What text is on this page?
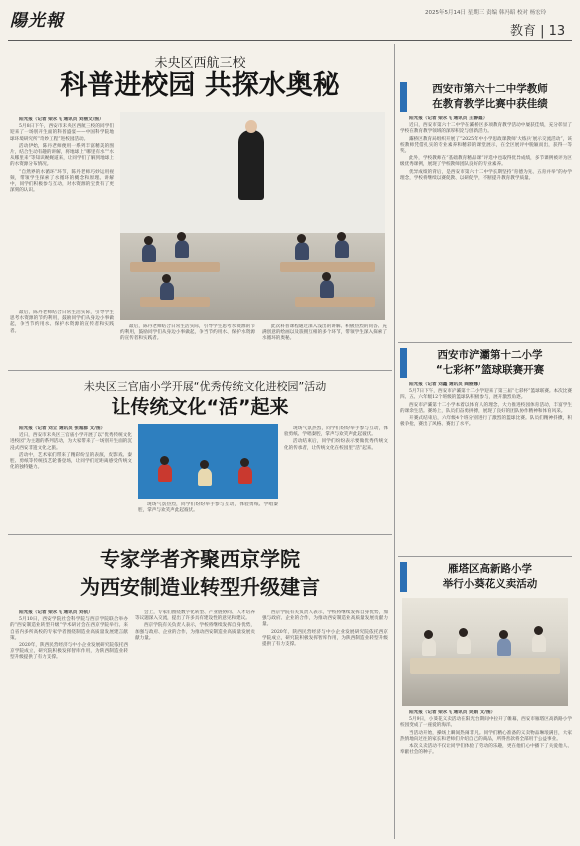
陽光報	2025年5月14日 星期三 责编 韩冯昭 校对 杨宏玲
教育 | 13
未央区西航三校
科普进校园 共探水奥秘

阳光报（记者 梁永飞 通讯员 刘丽文/图）

5月8日下午，西安市未央区西航三校的同学们迎来了一场别开生面的科普盛宴——中国科学院地球环境研究所“奇妙工程”进校园活动。

活动伊始，陈丹老师便用一系列丰富精美的图片，结合生动有趣的讲解，将地球上“哪里有水”“水从哪里来”等知识娓娓道来，让同学们了解到地球上的水资源分布情况。

“自然界的水循环”环节，陈丹老师巧妙运用视频，带领学生探索了水循环的概念和原理。讲解中，同学们积极参与互动，对水资源的宝贵有了更深刻的认识。

最后，陈丹老师结合日常生活实际，引导学生思考水资源的节约利用，鼓励同学们从身边小事做起，争当节约用水、保护水资源的宣传者和实践者。

最后，陈丹老师结合日常生活实际，引导学生思考水资源的节约利用，鼓励同学们从身边小事做起，争当节约用水、保护水资源的宣传者和实践者。

此次科普课程通过深入浅出的讲解、积极热烈的问答、充满创意的绘画以及簇拥互相的多个环节，带领学生深入探索了水循环的奥秘。

未央区三官庙小学开展“优秀传统文化进校园”活动
让传统文化“活”起来

阳光报（记者 刘立 通讯员 张超群 文/图）

近日，西安市未央区三官庙小学开展了以“优秀传统文化进校园”为主题的系列活动，为大家带来了一场别开生面的沉浸式西安非遗文化之旅。

活动中，艺术家们带来了精彩纷呈的表演，皮影戏、秦腔、剪纸等传统技艺轮番登场，让同学们近距离感受传统文化的独特魅力。

现场气氛热烈，同学们纷纷举手参与互动，体验剪纸、学唱秦腔，掌声与欢笑声此起彼伏。

现场气氛热烈，同学们纷纷举手参与互动，体验剪纸、学唱秦腔，掌声与欢笑声此起彼伏。

活动结束后，同学们纷纷表示要做优秀传统文化的传承者，让传统文化在校园里“活”起来。

专家学者齐聚西京学院
为西安制造业转型升级建言

阳光报（记者 梁永飞 通讯员 刘依）

5月10日，西安学院社会科学院与西京学院联合举办的“西安制造业转型升级”学术研讨会在西京学院举行。来自省内多所高校的专家学者围绕制造业高质量发展建言献策。

2020年，陕西民营经济与中小企业发展研究院依托西京学院成立，研究院积极发挥智库作用，为陕西制造业转型升级提供了有力支撑。

会上，专家们围绕数字化转型、产业链协同、人才培养等议题深入交流，提出了许多具有建设性的意见和建议。

西京学院有关负责人表示，学校将继续发挥自身优势，加强与政府、企业的合作，为推动西安制造业高质量发展贡献力量。

西京学院有关负责人表示，学校将继续发挥自身优势，加强与政府、企业的合作，为推动西安制造业高质量发展贡献力量。

2020年，陕西民营经济与中小企业发展研究院依托西京学院成立，研究院积极发挥智库作用，为陕西制造业转型升级提供了有力支撑。

西安市第六十二中学教师
在教育教学比赛中获佳绩

阳光报（记者 梁永飞 通讯员 王静霞）

近日，西安市第六十二中学在灞桥区多项教育教学活动中屡获佳绩，充分彰显了学校在教育教学领域的深厚积淀与创新活力。

灞桥区教育局组织开展了“2025年中小学思政课教师‘大练兵’展示交流活动”，该校教师凭借扎实的专业素养和精彩的课堂展示，在全区展评中脱颖而出，获得一等奖。

此外，学校教师在“基础教育精品课”评选中也取得优异成绩，多节课例被评为区级优秀课例，展现了学校教师团队良好的专业素养。

优异成绩的背后，是西安市第六十二中学长期坚持“育德为先、五育并举”的办学理念，学校将继续以赛促教、以研促学，不断提升教育教学质量。

西安市浐灞第十二小学
“七彩杯”篮球联赛开赛

阳光报（记者 刘鑫 通讯员 阎丽娜）

5月7日下午，西安市浐灞第十二小学迎来了第三届“七彩杯”篮球联赛。本次比赛四、五、六年级12个班级的篮球队积极参与，展开激烈角逐。

西安市浐灞第十二小学本着以体育人的理念，大力推进校园体育活动，丰富学生的课余生活。赛场上，队员们奋勇拼搏，展现了良好的团队协作精神和体育风采。

开赛式结束后，六年级4个班分别进行了激烈的篮球比赛。队员们精神抖擞，积极争抢，赛出了风格、赛出了水平。

雁塔区高新路小学
举行小葵花义卖活动

阳光报（记者 梁永飞 通讯员 吴娟 文/图）

5月9日，小葵花义卖活动在阳光台期间中拉开了帷幕，西安市雁塔区高新路小学校园变成了一座爱的海洋。

当活动开始，操场上瞬间热闹非凡。同学们精心准备的义卖物品琳琅满目，大家热情地向过往的家长和老师们介绍自己的商品，所得善款将全部用于公益事业。

本次义卖活动不仅让同学们体验了劳动的乐趣，更在他们心中播下了关爱他人、奉献社会的种子。
